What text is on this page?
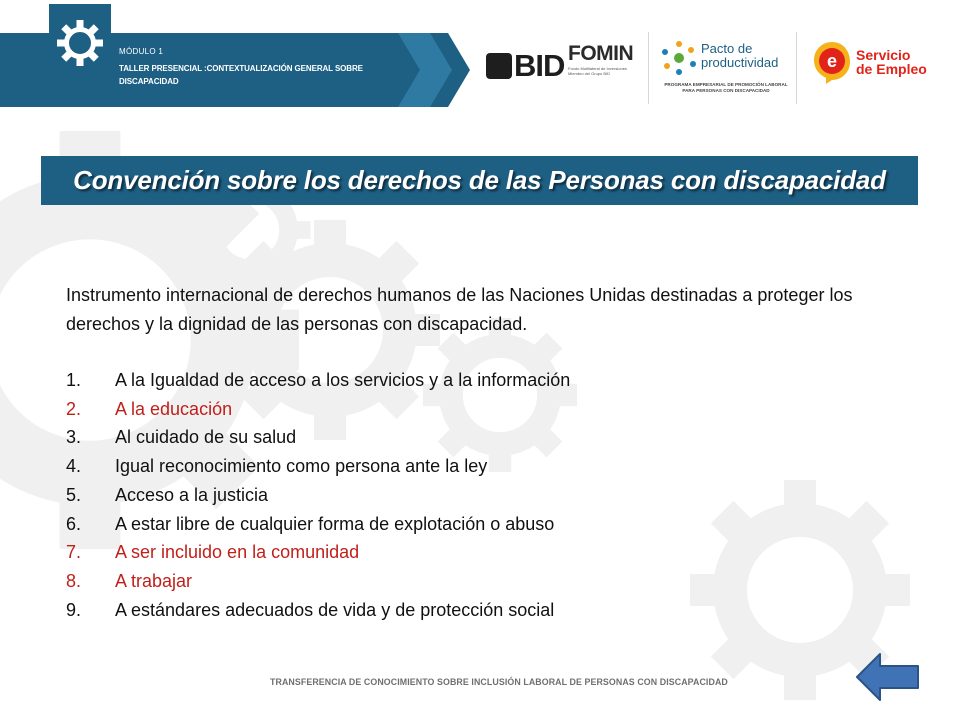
MÓDULO 1
TALLER PRESENCIAL :CONTEXTUALIZACIÓN GENERAL SOBRE DISCAPACIDAD	BID FOMIN
Fondo Multilateral de Inversiones Miembro del Grupo BID
Pacto de productividad
PROGRAMA EMPRESARIAL DE PROMOCIÓN LABORAL PARA PERSONAS CON DISCAPACIDAD
e Servicio
de Empleo
Convención sobre los derechos de las Personas con discapacidad

Instrumento internacional de derechos humanos de las Naciones Unidas destinadas a proteger los derechos y la dignidad de las personas con discapacidad.

1.	A la Igualdad de acceso a los servicios y a la información
2.	A la educación
3.	Al cuidado de su salud
4.	Igual reconocimiento como persona ante la ley
5.	Acceso a la justicia
6.	A estar libre de cualquier forma de explotación o abuso
7.	A ser incluido en la comunidad
8.	A trabajar
9.	A estándares adecuados de vida y de protección social
TRANSFERENCIA DE CONOCIMIENTO SOBRE INCLUSIÓN LABORAL DE PERSONAS CON DISCAPACIDAD
